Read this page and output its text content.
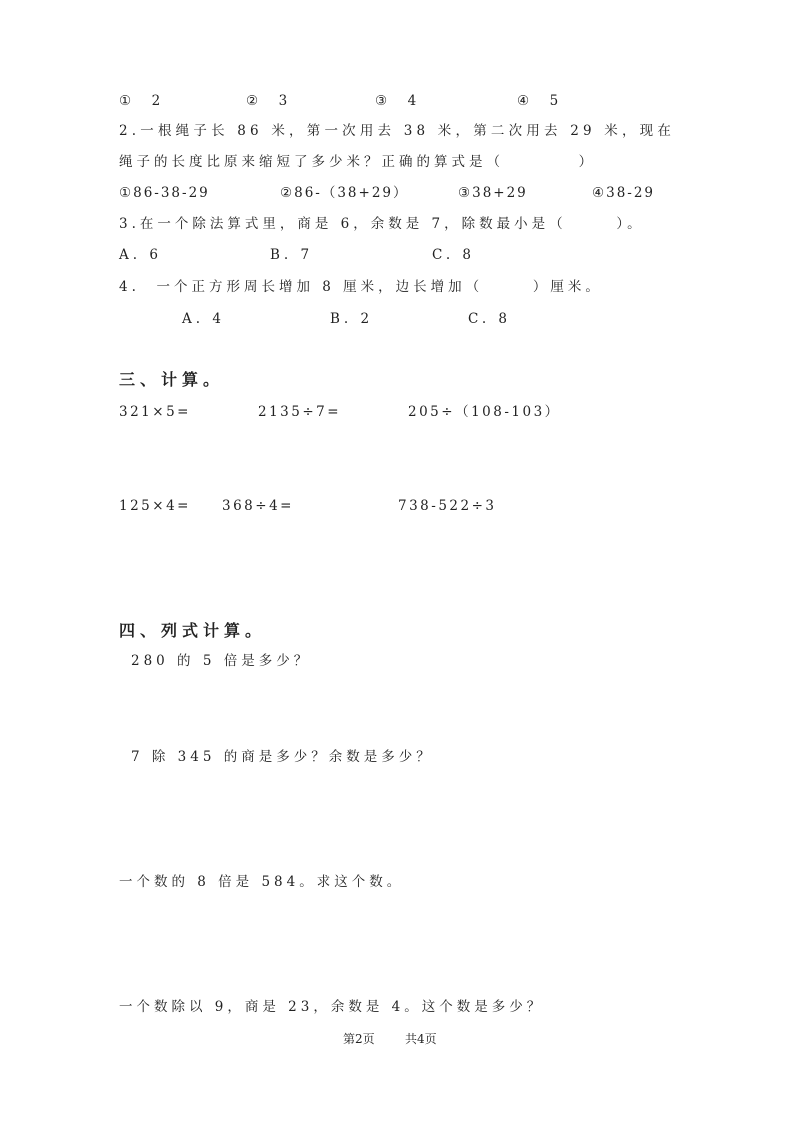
①  2	②  3	③  4	④  5
2.一根绳子长 86 米，第一次用去 38 米，第二次用去 29 米，现在
绳子的长度比原来缩短了多少米？正确的算式是（         ）
①86-38-29	②86-（38+29）	③38+29	④38-29
3.在一个除法算式里，商是 6，余数是 7，除数最小是（      ）。
A. 6	B. 7	C. 8
4.  一个正方形周长增加 8 厘米，边长增加（      ）厘米。
A. 4	B. 2	C. 8
三、计算。
321×5=	2135÷7=	205÷（108-103）
125×4= 368÷4=	738-522÷3
四、列式计算。
280 的 5 倍是多少？
7 除 345 的商是多少？余数是多少？
一个数的 8 倍是 584。求这个数。
一个数除以 9，商是 23，余数是 4。这个数是多少？
第2页	共4页
